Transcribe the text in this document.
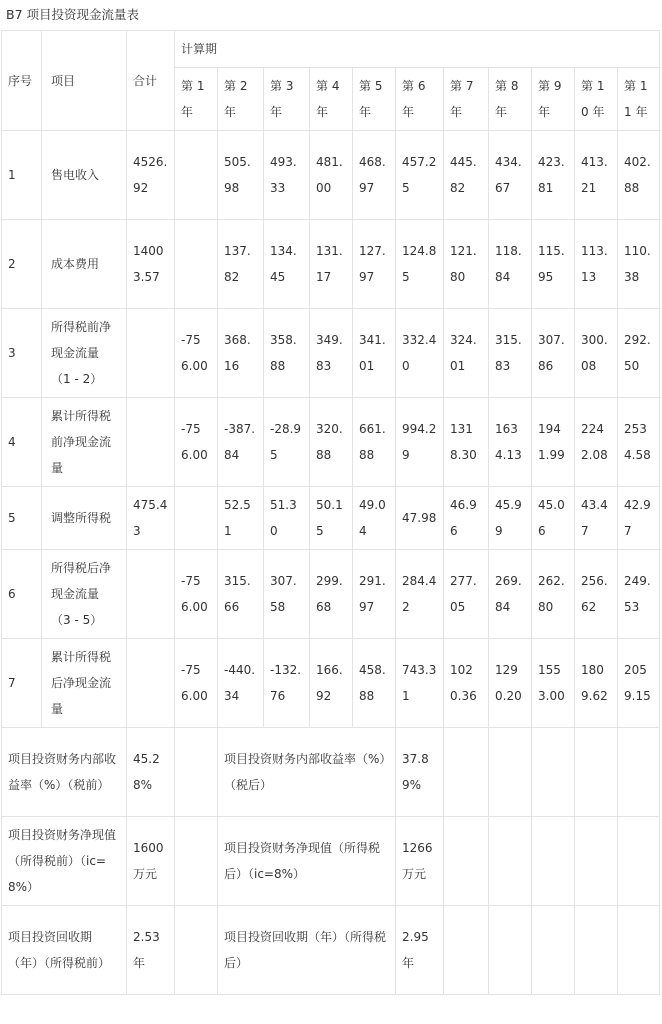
B7 项目投资现金流量表
序号	项目	合计	计算期										
			第 1 年	第 2 年	第 3 年	第 4 年	第 5 年	第 6 年	第 7 年	第 8 年	第 9 年	第 10 年	第 11 年
1	售电收入	4526.92		505.98	493.33	481.00	468.97	457.25	445.82	434.67	423.81	413.21	402.88
2	成本费用	14003.57		137.82	134.45	131.17	127.97	124.85	121.80	118.84	115.95	113.13	110.38
3	所得税前净现金流量（1 - 2）		-756.00	368.16	358.88	349.83	341.01	332.40	324.01	315.83	307.86	300.08	292.50
4	累计所得税前净现金流量		-756.00	-387.84	-28.95	320.88	661.88	994.29	1318.30	1634.13	1941.99	2242.08	2534.58
5	调整所得税	475.43		52.51	51.30	50.15	49.04	47.98	46.96	45.99	45.06	43.47	42.97
6	所得税后净现金流量（3 - 5）		-756.00	315.66	307.58	299.68	291.97	284.42	277.05	269.84	262.80	256.62	249.53
7	累计所得税后净现金流量		-756.00	-440.34	-132.76	166.92	458.88	743.31	1020.36	1290.20	1553.00	1809.62	2059.15
项目投资财务内部收益率（%）（税前）		45.28%		项目投资财务内部收益率（%）（税后）				37.89%					
项目投资财务净现值（所得税前）（ic=8%）		1600万元		项目投资财务净现值（所得税后）（ic=8%）				1266万元					
项目投资回收期（年）（所得税前）		2.53年		项目投资回收期（年）（所得税后）				2.95年					
